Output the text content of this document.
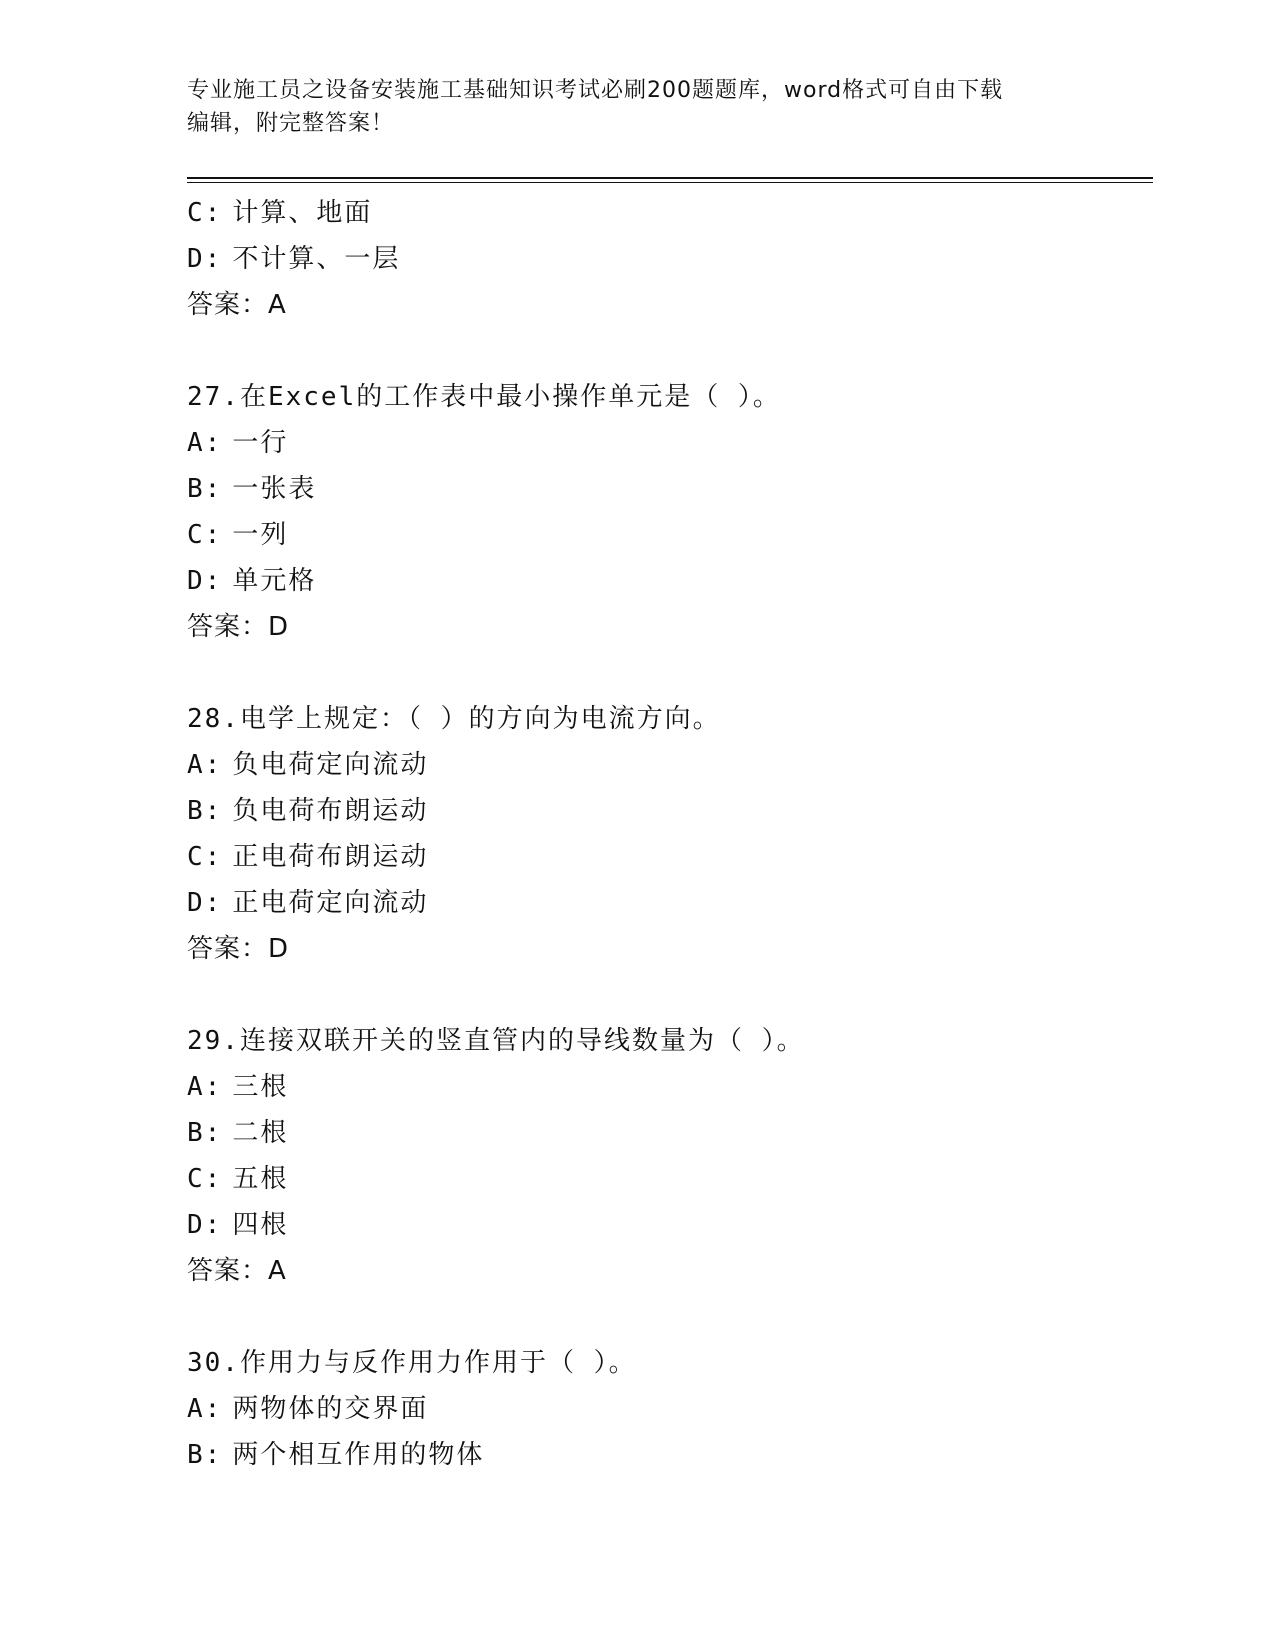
专业施工员之设备安装施工基础知识考试必刷200题题库，word格式可自由下载
编辑，附完整答案！
C: 计算、地面
D: 不计算、一层
答案：A
27.在Excel的工作表中最小操作单元是（ ）。
A: 一行
B: 一张表
C: 一列
D: 单元格
答案：D
28.电学上规定：（ ）的方向为电流方向。
A: 负电荷定向流动
B: 负电荷布朗运动
C: 正电荷布朗运动
D: 正电荷定向流动
答案：D
29.连接双联开关的竖直管内的导线数量为（ ）。
A: 三根
B: 二根
C: 五根
D: 四根
答案：A
30.作用力与反作用力作用于（ ）。
A: 两物体的交界面
B: 两个相互作用的物体
